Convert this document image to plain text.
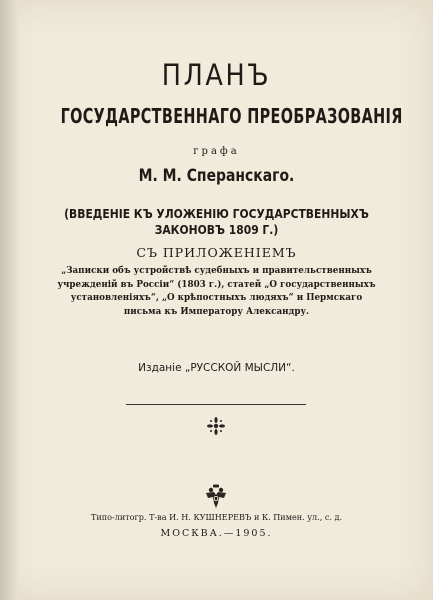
ПЛАНЪ
ГОСУДАРСТВЕННАГО ПРЕОБРАЗОВАНІЯ
графа
М. М. Сперанскаго.
(ВВЕДЕНІЕ КЪ УЛОЖЕНІЮ ГОСУДАРСТВЕННЫХЪ
ЗАКОНОВЪ 1809 Г.)
СЪ ПРИЛОЖЕНІЕМЪ
„Записки объ устройствѣ судебныхъ и правительственныхъ
учрежденій въ Россіи“ (1803 г.), статей „О государственныхъ
установленіяхъ“, „О крѣпостныхъ людяхъ“ и Пермскаго
письма къ Императору Александру.
Изданіе „РУССКОЙ МЫСЛИ“.
Типо-литогр. Т-ва И. Н. КУШНЕРЕВЪ и К. Пимен. ул., с. д.
МОСКВА.—1905.
